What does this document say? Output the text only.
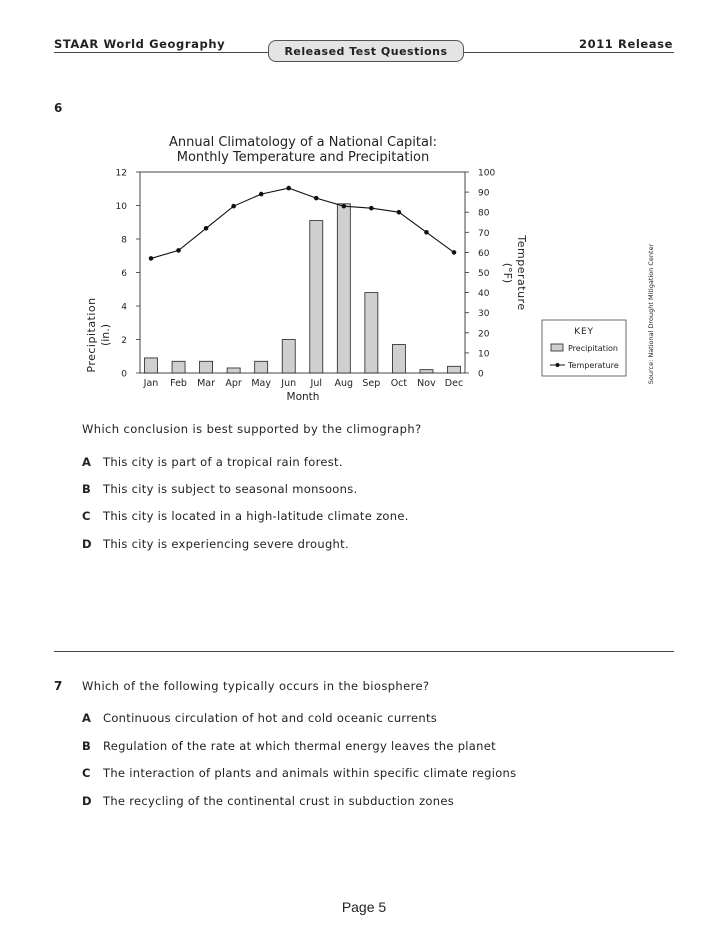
STAAR World Geography
Released Test Questions
2011 Release
6
Annual Climatology of a National Capital:
Monthly Temperature and Precipitation
0
2
4
6
8
10
12
0
10
20
30
40
50
60
70
80
90
100
Jan Feb Mar Apr May Jun Jul Aug Sep Oct Nov Dec
Month
Precipitation (in.)
Temperature
(°F)
KEY
Precipitation
Temperature	Source: National Drought Mitigation Center
Which conclusion is best supported by the climograph?
A This city is part of a tropical rain forest.
B This city is subject to seasonal monsoons.
C This city is located in a high-latitude climate zone.
D This city is experiencing severe drought.
7 Which of the following typically occurs in the biosphere?
A Continuous circulation of hot and cold oceanic currents
B Regulation of the rate at which thermal energy leaves the planet
C The interaction of plants and animals within specific climate regions
D The recycling of the continental crust in subduction zones
Page 5
